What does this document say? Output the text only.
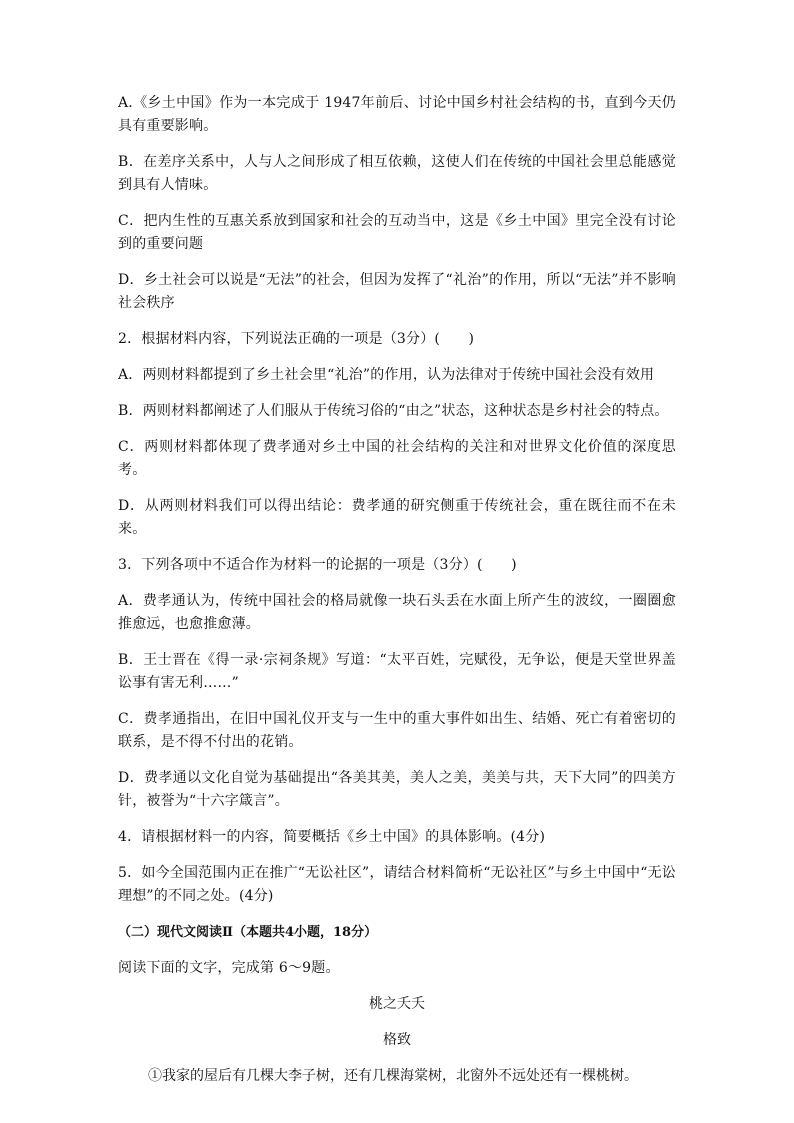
A.《乡土中国》作为一本完成于 1947年前后、讨论中国乡村社会结构的书，直到今天仍具有重要影响。

B．在差序关系中，人与人之间形成了相互依赖，这使人们在传统的中国社会里总能感觉到具有人情味。

C．把内生性的互惠关系放到国家和社会的互动当中，这是《乡土中国》里完全没有讨论到的重要问题

D．乡土社会可以说是“无法”的社会，但因为发挥了“礼治”的作用，所以“无法”并不影响社会秩序

2．根据材料内容，下列说法正确的一项是（3分）(　　)

A．两则材料都提到了乡土社会里“礼治”的作用，认为法律对于传统中国社会没有效用

B．两则材料都阐述了人们服从于传统习俗的“由之”状态，这种状态是乡村社会的特点。

C．两则材料都体现了费孝通对乡土中国的社会结构的关注和对世界文化价值的深度思考。

D．从两则材料我们可以得出结论：费孝通的研究侧重于传统社会，重在既往而不在未来。

3．下列各项中不适合作为材料一的论据的一项是（3分）(　　)

A．费孝通认为，传统中国社会的格局就像一块石头丢在水面上所产生的波纹，一圈圈愈推愈远，也愈推愈薄。

B．王士晋在《得一录·宗祠条规》写道：“太平百姓，完赋役，无争讼，便是天堂世界盖讼事有害无利……”

C．费孝通指出，在旧中国礼仪开支与一生中的重大事件如出生、结婚、死亡有着密切的联系，是不得不付出的花销。

D．费孝通以文化自觉为基础提出“各美其美，美人之美，美美与共，天下大同”的四美方针，被誉为“十六字箴言”。

4．请根据材料一的内容，简要概括《乡土中国》的具体影响。(4分)

5．如今全国范围内正在推广“无讼社区”，请结合材料简析“无讼社区”与乡土中国中“无讼理想”的不同之处。(4分)

（二）现代文阅读Ⅱ（本题共4小题，18分）

阅读下面的文字，完成第 6～9题。

桃之夭夭

格致

①我家的屋后有几棵大李子树，还有几棵海棠树，北窗外不远处还有一棵桃树。
